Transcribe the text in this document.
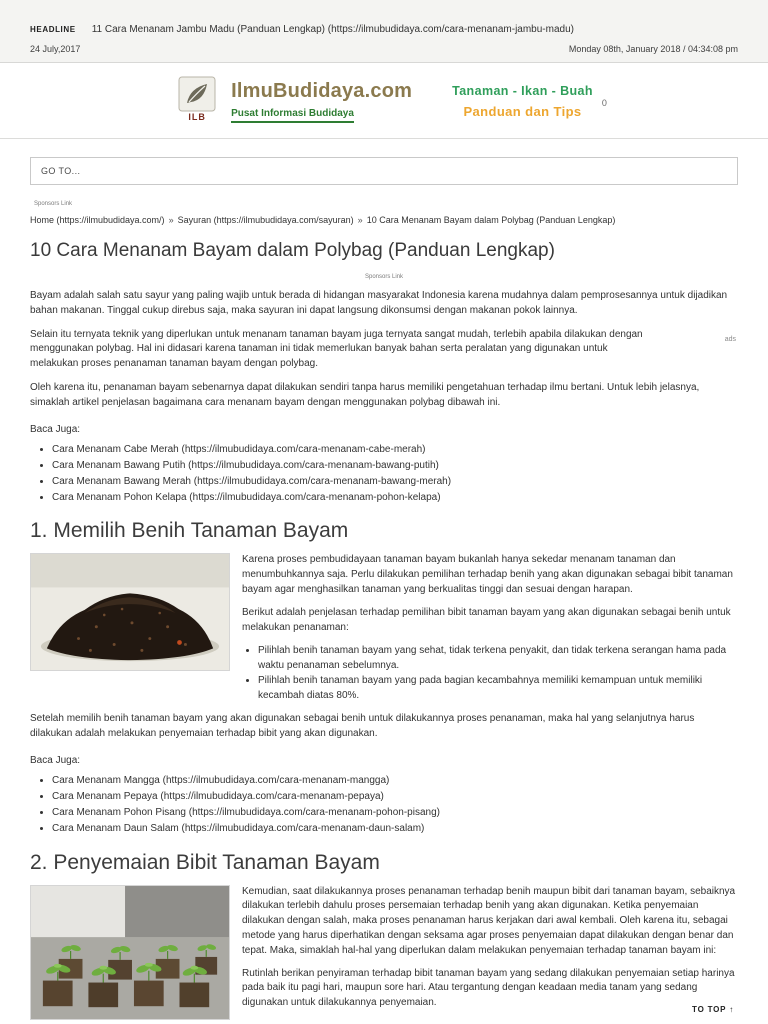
HEADLINE 11 Cara Menanam Jambu Madu (Panduan Lengkap) (https://ilmubudidaya.com/cara-menanam-jambu-madu)
24 July,2017	Monday 08th, January 2018 / 04:34:08 pm
ILB
IlmuBudidaya.com
Pusat Informasi Budidaya
Tanaman - Ikan - Buah
Panduan dan Tips
0
GO TO...
Sponsors Link
Home (https://ilmubudidaya.com/) » Sayuran (https://ilmubudidaya.com/sayuran) » 10 Cara Menanam Bayam dalam Polybag (Panduan Lengkap)
10 Cara Menanam Bayam dalam Polybag (Panduan Lengkap)
Sponsors Link

Bayam adalah salah satu sayur yang paling wajib untuk berada di hidangan masyarakat Indonesia karena mudahnya dalam pemprosesannya untuk dijadikan bahan makanan. Tinggal cukup direbus saja, maka sayuran ini dapat langsung dikonsumsi dengan makanan pokok lainnya.

Selain itu ternyata teknik yang diperlukan untuk menanam tanaman bayam juga ternyata sangat mudah, terlebih apabila dilakukan dengan menggunakan polybag. Hal ini didasari karena tanaman ini tidak memerlukan banyak bahan serta peralatan yang digunakan untuk melakukan proses penanaman tanaman bayam dengan polybag.

ads

Oleh karena itu, penanaman bayam sebenarnya dapat dilakukan sendiri tanpa harus memiliki pengetahuan terhadap ilmu bertani. Untuk lebih jelasnya, simaklah artikel penjelasan bagaimana cara menanam bayam dengan menggunakan polybag dibawah ini.

Baca Juga:

• Cara Menanam Cabe Merah (https://ilmubudidaya.com/cara-menanam-cabe-merah)
• Cara Menanam Bawang Putih (https://ilmubudidaya.com/cara-menanam-bawang-putih)
• Cara Menanam Bawang Merah (https://ilmubudidaya.com/cara-menanam-bawang-merah)
• Cara Menanam Pohon Kelapa (https://ilmubudidaya.com/cara-menanam-pohon-kelapa)
1. Memilih Benih Tanaman Bayam

Karena proses pembudidayaan tanaman bayam bukanlah hanya sekedar menanam tanaman dan menumbuhkannya saja. Perlu dilakukan pemilihan terhadap benih yang akan digunakan sebagai bibit tanaman bayam agar menghasilkan tanaman yang berkualitas tinggi dan sesuai dengan harapan.

Berikut adalah penjelasan terhadap pemilihan bibit tanaman bayam yang akan digunakan sebagai benih untuk melakukan penanaman:

• Pilihlah benih tanaman bayam yang sehat, tidak terkena penyakit, dan tidak terkena serangan hama pada waktu penanaman sebelumnya.
• Pilihlah benih tanaman bayam yang pada bagian kecambahnya memiliki kemampuan untuk memiliki kecambah diatas 80%.

Setelah memilih benih tanaman bayam yang akan digunakan sebagai benih untuk dilakukannya proses penanaman, maka hal yang selanjutnya harus dilakukan adalah melakukan penyemaian terhadap bibit yang akan digunakan.

Baca Juga:

• Cara Menanam Mangga (https://ilmubudidaya.com/cara-menanam-mangga)
• Cara Menanam Pepaya (https://ilmubudidaya.com/cara-menanam-pepaya)
• Cara Menanam Pohon Pisang (https://ilmubudidaya.com/cara-menanam-pohon-pisang)
• Cara Menanam Daun Salam (https://ilmubudidaya.com/cara-menanam-daun-salam)
2. Penyemaian Bibit Tanaman Bayam

Kemudian, saat dilakukannya proses penanaman terhadap benih maupun bibit dari tanaman bayam, sebaiknya dilakukan terlebih dahulu proses persemaian terhadap benih yang akan digunakan. Ketika penyemaian dilakukan dengan salah, maka proses penanaman harus kerjakan dari awal kembali. Oleh karena itu, sebagai metode yang harus diperhatikan dengan seksama agar proses penyemaian dapat dilakukan dengan benar dan tepat. Maka, simaklah hal-hal yang diperlukan dalam melakukan penyemaian terhadap tanaman bayam ini:

Rutinlah berikan penyiraman terhadap bibit tanaman bayam yang sedang dilakukan penyemaian setiap harinya pada baik itu pagi hari, maupun sore hari. Atau tergantung dengan keadaan media tanam yang sedang digunakan untuk dilakukannya penyemaian.

TO TOP ↑
